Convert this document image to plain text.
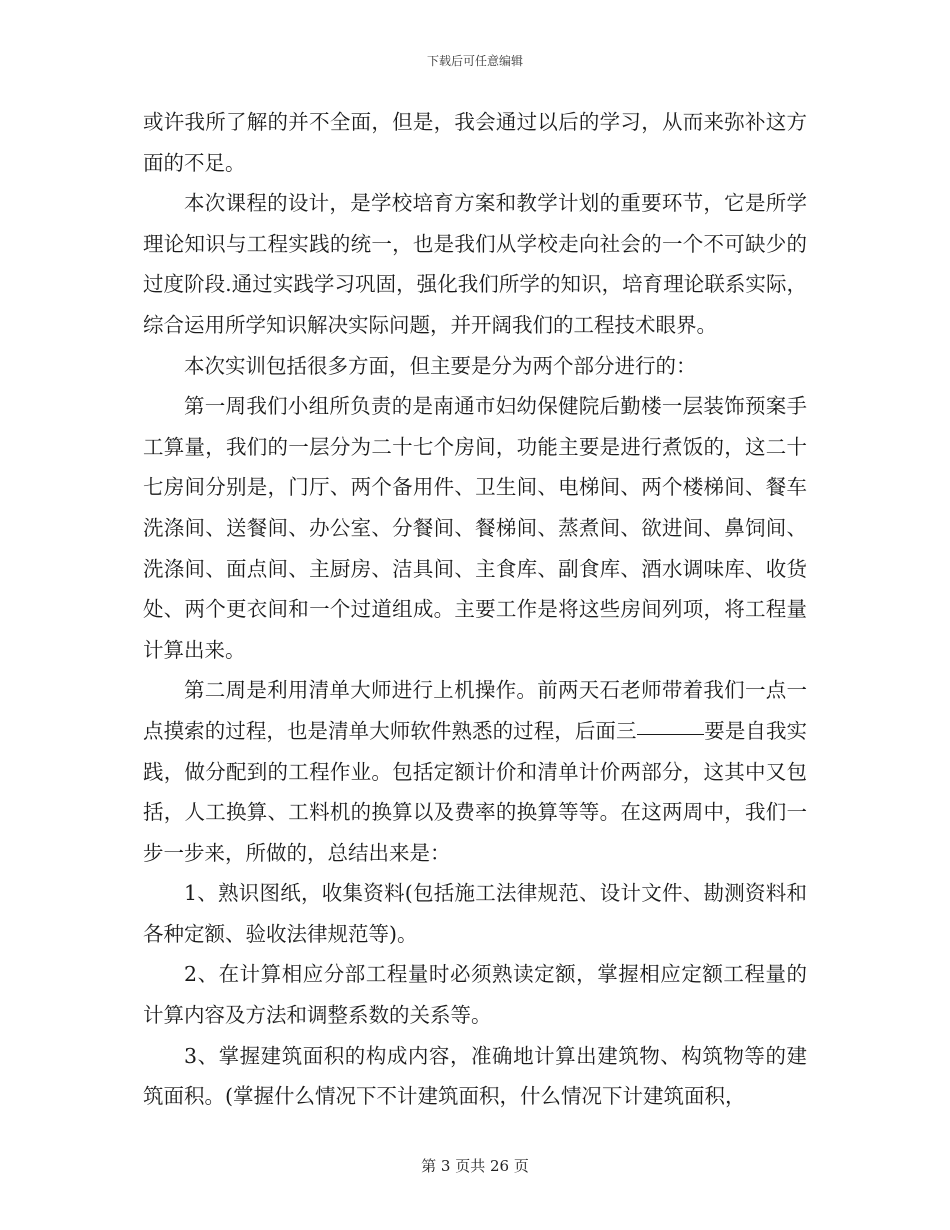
下载后可任意编辑

或许我所了解的并不全面，但是，我会通过以后的学习，从而来弥补这方面的不足。

本次课程的设计，是学校培育方案和教学计划的重要环节，它是所学理论知识与工程实践的统一，也是我们从学校走向社会的一个不可缺少的过度阶段.通过实践学习巩固，强化我们所学的知识，培育理论联系实际，综合运用所学知识解决实际问题，并开阔我们的工程技术眼界。

本次实训包括很多方面，但主要是分为两个部分进行的：

第一周我们小组所负责的是南通市妇幼保健院后勤楼一层装饰预案手工算量，我们的一层分为二十七个房间，功能主要是进行煮饭的，这二十七房间分别是，门厅、两个备用件、卫生间、电梯间、两个楼梯间、餐车洗涤间、送餐间、办公室、分餐间、餐梯间、蒸煮间、欲进间、鼻饲间、洗涤间、面点间、主厨房、洁具间、主食库、副食库、酒水调味库、收货处、两个更衣间和一个过道组成。主要工作是将这些房间列项，将工程量计算出来。

第二周是利用清单大师进行上机操作。前两天石老师带着我们一点一点摸索的过程，也是清单大师软件熟悉的过程，后面三	要是自我实践，做分配到的工程作业。包括定额计价和清单计价两部分，这其中又包括，人工换算、工料机的换算以及费率的换算等等。在这两周中，我们一步一步来，所做的，总结出来是：

1、熟识图纸，收集资料(包括施工法律规范、设计文件、勘测资料和各种定额、验收法律规范等)。

2、在计算相应分部工程量时必须熟读定额，掌握相应定额工程量的计算内容及方法和调整系数的关系等。

3、掌握建筑面积的构成内容，准确地计算出建筑物、构筑物等的建筑面积。(掌握什么情况下不计建筑面积，什么情况下计建筑面积，

第 3 页共 26 页
